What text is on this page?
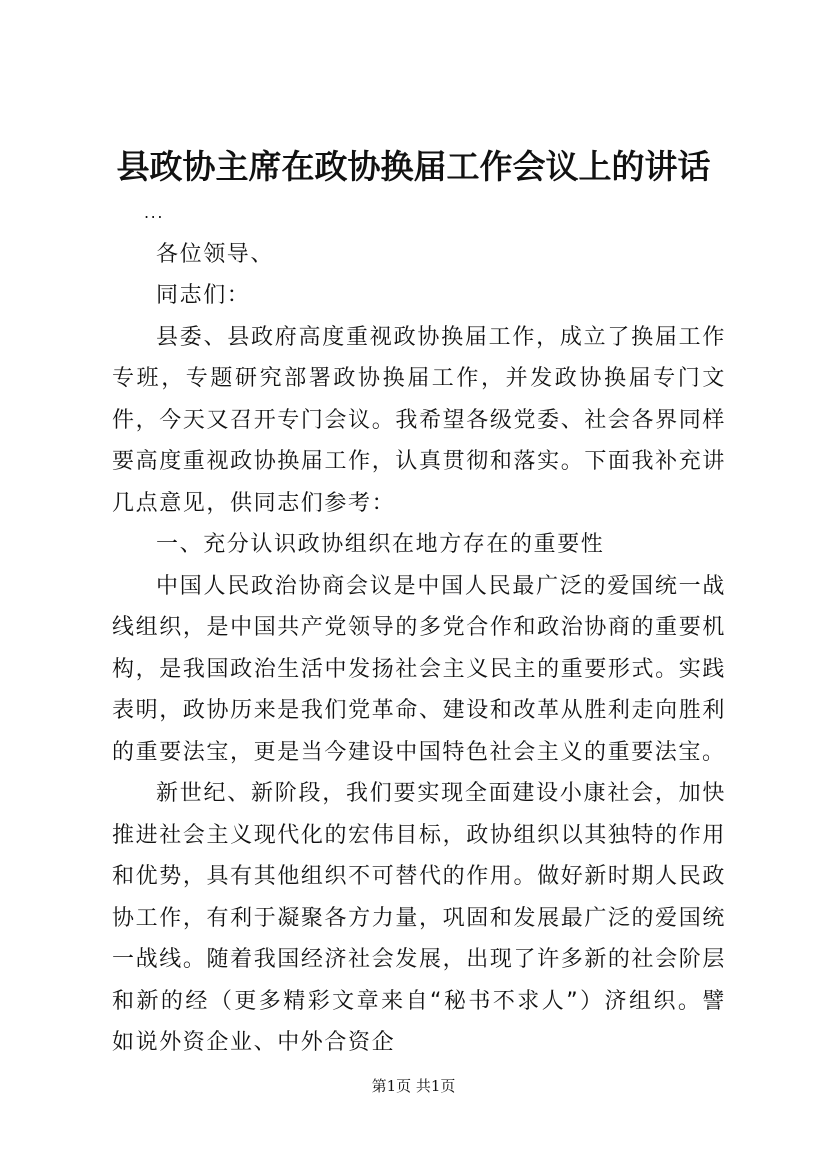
县政协主席在政协换届工作会议上的讲话

...

各位领导、

同志们：

县委、县政府高度重视政协换届工作，成立了换届工作专班，专题研究部署政协换届工作，并发政协换届专门文件，今天又召开专门会议。我希望各级党委、社会各界同样要高度重视政协换届工作，认真贯彻和落实。下面我补充讲几点意见，供同志们参考：

一、充分认识政协组织在地方存在的重要性

中国人民政治协商会议是中国人民最广泛的爱国统一战线组织，是中国共产党领导的多党合作和政治协商的重要机构，是我国政治生活中发扬社会主义民主的重要形式。实践表明，政协历来是我们党革命、建设和改革从胜利走向胜利的重要法宝，更是当今建设中国特色社会主义的重要法宝。

新世纪、新阶段，我们要实现全面建设小康社会，加快推进社会主义现代化的宏伟目标，政协组织以其独特的作用和优势，具有其他组织不可替代的作用。做好新时期人民政协工作，有利于凝聚各方力量，巩固和发展最广泛的爱国统一战线。随着我国经济社会发展，出现了许多新的社会阶层和新的经（更多精彩文章来自“秘书不求人”）济组织。譬如说外资企业、中外合资企

第1页 共1页
